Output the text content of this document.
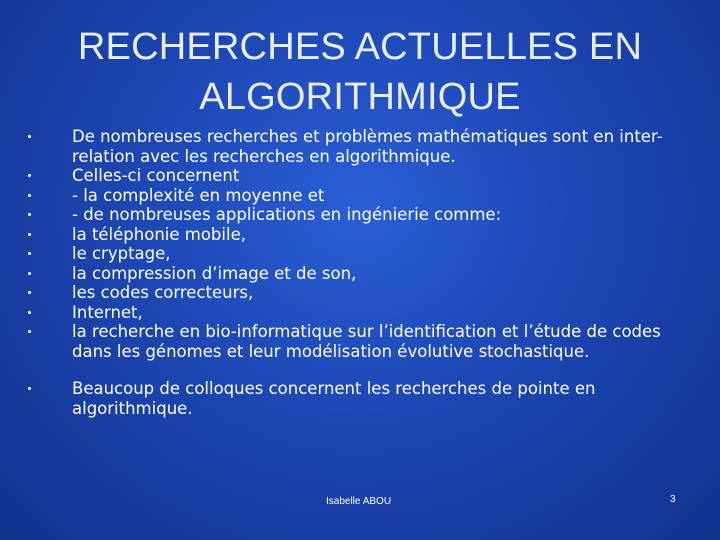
RECHERCHES ACTUELLES EN
ALGORITHMIQUE
De nombreuses recherches et problèmes mathématiques sont en inter-relation avec les recherches en algorithmique.
Celles-ci concernent
- la complexité en moyenne et
- de nombreuses applications en ingénierie comme:
la téléphonie mobile,
le cryptage,
la compression d’image et de son,
les codes correcteurs,
Internet,
la recherche en bio-informatique sur l’identification et l’étude de codes dans les génomes et leur modélisation évolutive stochastique.
Beaucoup de colloques concernent les recherches de pointe en algorithmique.
Isabelle ABOU	3
